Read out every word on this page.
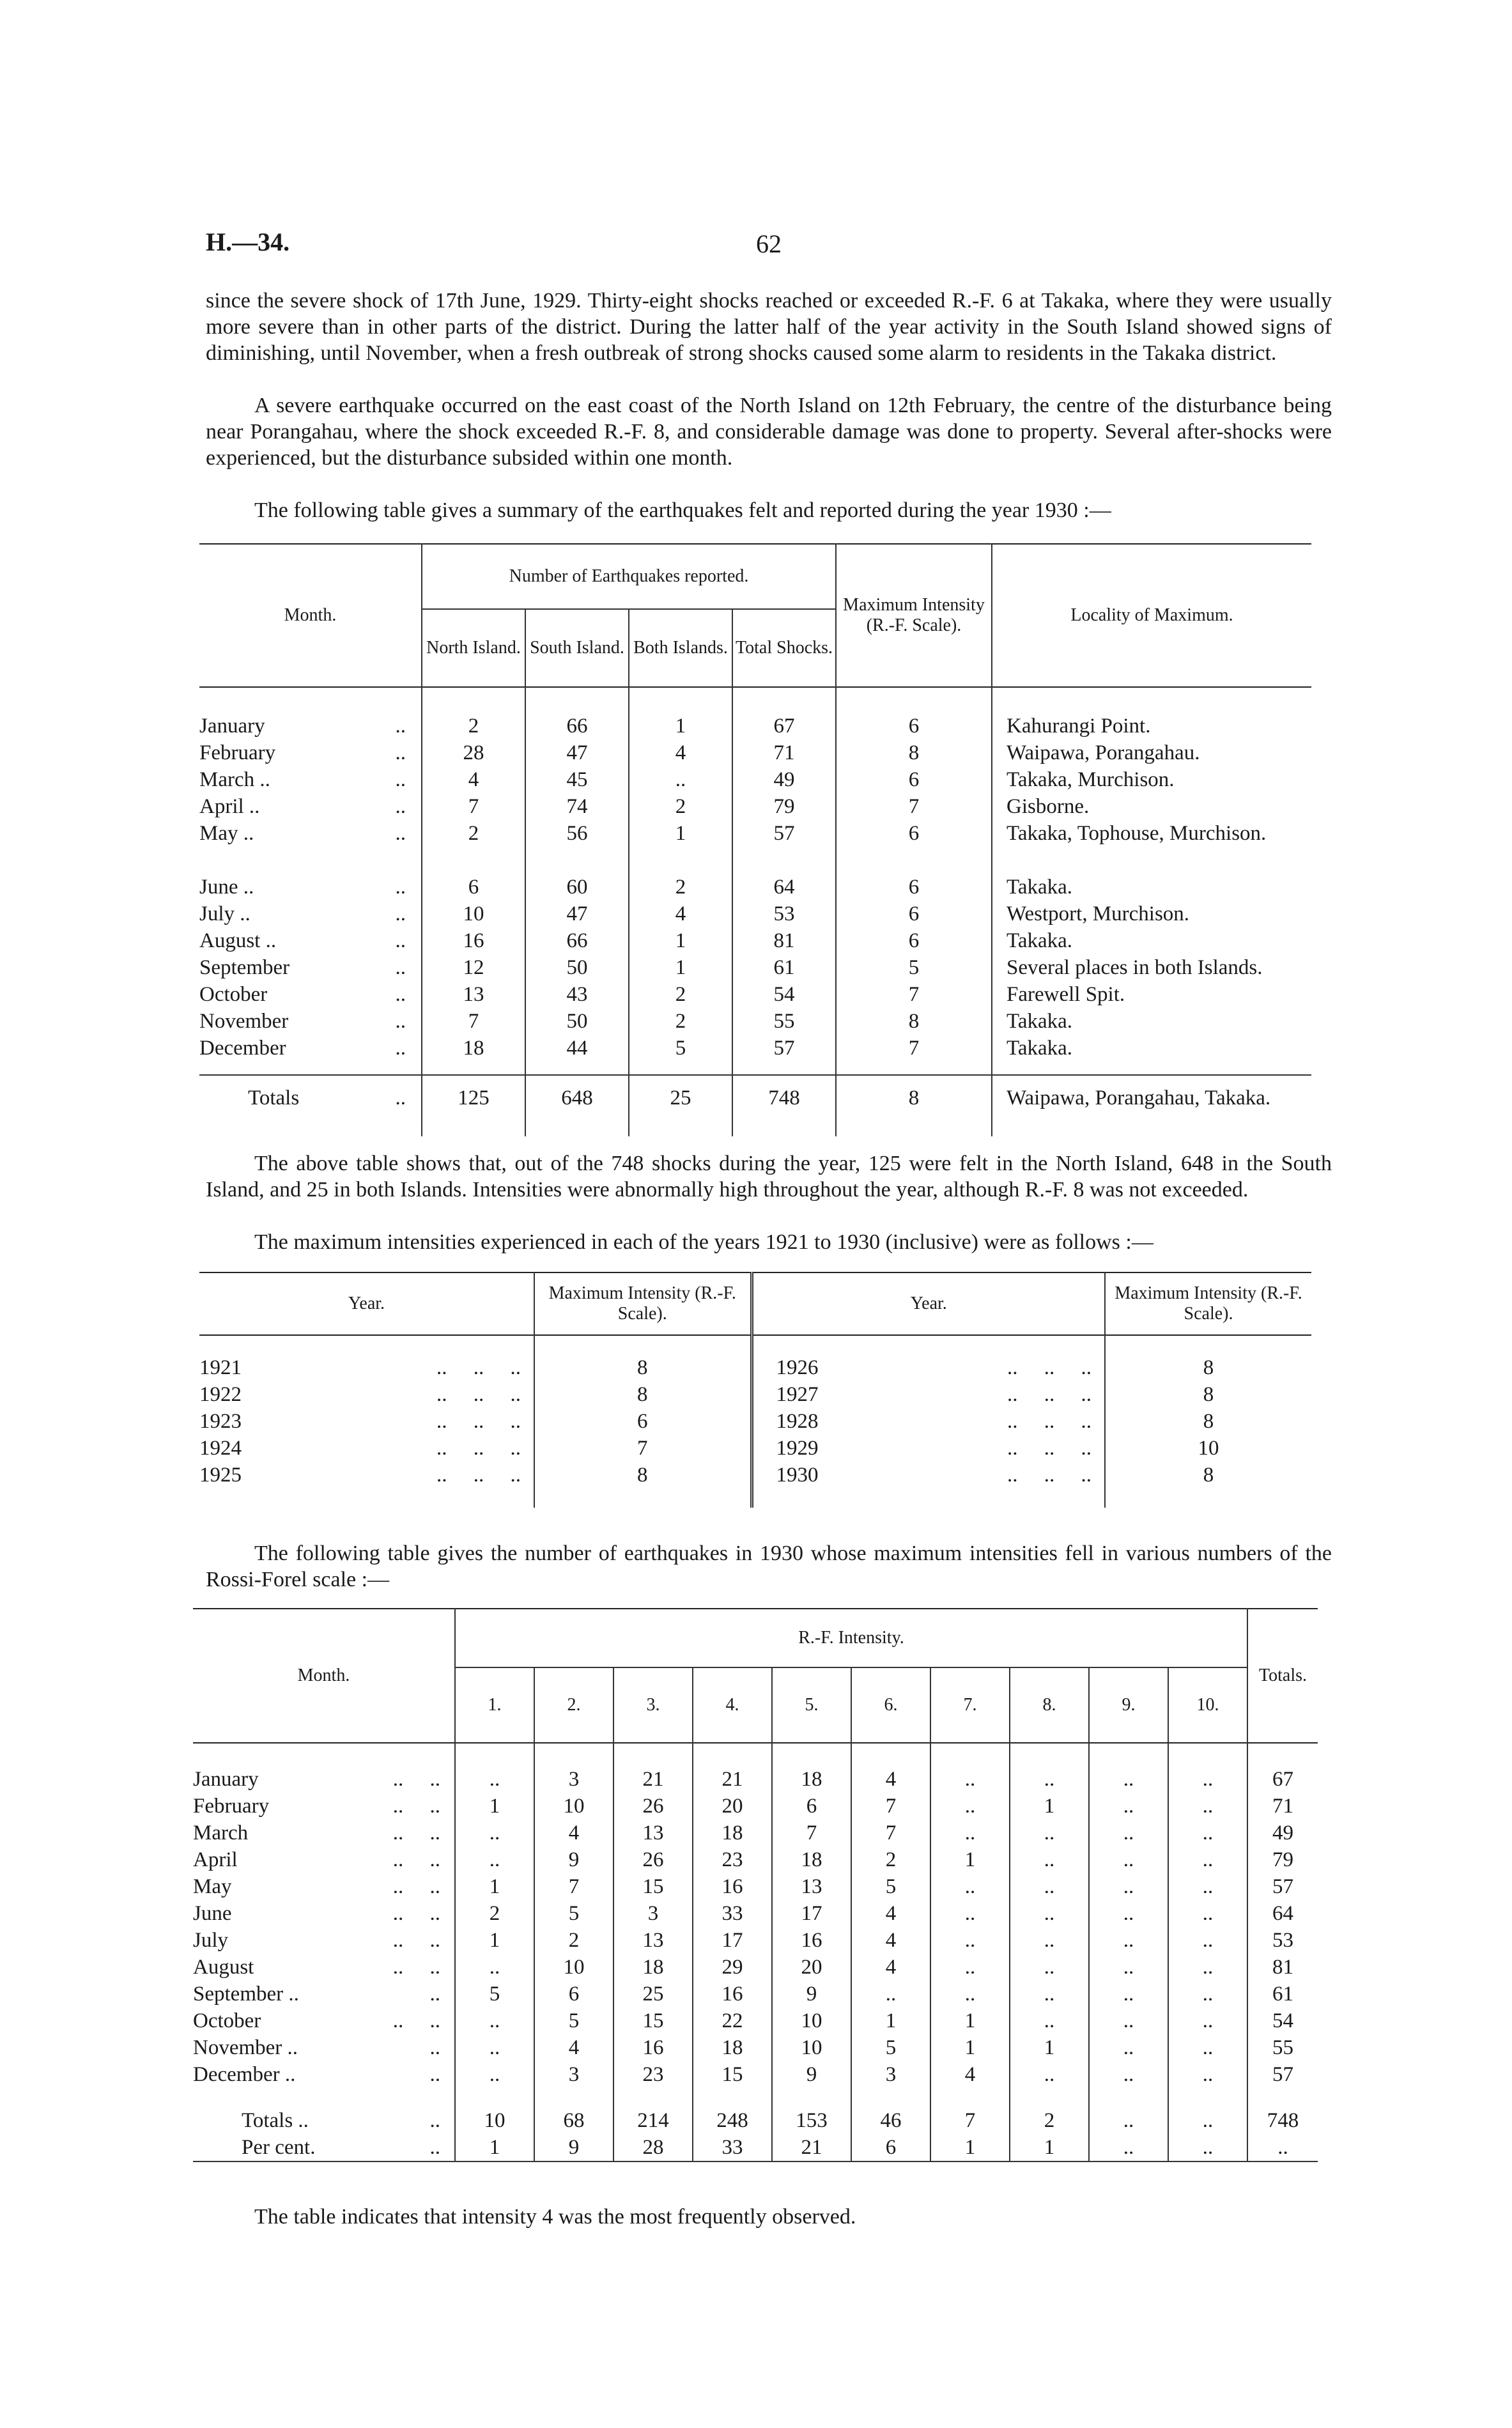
H.—34.	62

since the severe shock of 17th June, 1929. Thirty-eight shocks reached or exceeded R.-F. 6 at Takaka, where they were usually more severe than in other parts of the district. During the latter half of the year activity in the South Island showed signs of diminishing, until November, when a fresh outbreak of strong shocks caused some alarm to residents in the Takaka district.

A severe earthquake occurred on the east coast of the North Island on 12th February, the centre of the disturbance being near Porangahau, where the shock exceeded R.-F. 8, and considerable damage was done to property. Several after-shocks were experienced, but the disturbance subsided within one month.

The following table gives a summary of the earthquakes felt and reported during the year 1930 :—

Month.	Number of Earthquakes reported.				Maximum Intensity (R.-F. Scale).	Locality of Maximum.
	North Island.	South Island.	Both Islands.	Total Shocks.		

January ..	2	66	1	67	6	Kahurangi Point.
February ..	28	47	4	71	8	Waipawa, Porangahau.
March .. ..	4	45	..	49	6	Takaka, Murchison.
April .. ..	7	74	2	79	7	Gisborne.
May .. ..	2	56	1	57	6	Takaka, Tophouse, Murchison.
June .. ..	6	60	2	64	6	Takaka.
July .. ..	10	47	4	53	6	Westport, Murchison.
August .. ..	16	66	1	81	6	Takaka.
September ..	12	50	1	61	5	Several places in both Islands.
October ..	13	43	2	54	7	Farewell Spit.
November ..	7	50	2	55	8	Takaka.
December ..	18	44	5	57	7	Takaka.

Totals ..	125	648	25	748	8	Waipawa, Porangahau, Takaka.

The above table shows that, out of the 748 shocks during the year, 125 were felt in the North Island, 648 in the South Island, and 25 in both Islands. Intensities were abnormally high throughout the year, although R.-F. 8 was not exceeded.

The maximum intensities experienced in each of the years 1921 to 1930 (inclusive) were as follows :—

Year.	Maximum Intensity (R.-F. Scale).	Year.	Maximum Intensity (R.-F. Scale).

1921 ..     ..     ..	8	1926 ..     ..     ..	8
1922 ..     ..     ..	8	1927 ..     ..     ..	8
1923 ..     ..     ..	6	1928 ..     ..     ..	8
1924 ..     ..     ..	7	1929 ..     ..     ..	10
1925 ..     ..     ..	8	1930 ..     ..     ..	8

The following table gives the number of earthquakes in 1930 whose maximum intensities fell in various numbers of the Rossi-Forel scale :—

Month.	R.-F. Intensity.										Totals.
	1.	2.	3.	4.	5.	6.	7.	8.	9.	10.	

January ..     ..	..	3	21	21	18	4	..	..	..	..	67
February ..     ..	1	10	26	20	6	7	..	1	..	..	71
March ..     ..	..	4	13	18	7	7	..	..	..	..	49
April ..     ..	..	9	26	23	18	2	1	..	..	..	79
May ..     ..	1	7	15	16	13	5	..	..	..	..	57
June ..     ..	2	5	3	33	17	4	..	..	..	..	64
July ..     ..	1	2	13	17	16	4	..	..	..	..	53
August ..     ..	..	10	18	29	20	4	..	..	..	..	81
September .. ..	5	6	25	16	9	..	..	..	..	..	61
October ..     ..	..	5	15	22	10	1	1	..	..	..	54
November .. ..	..	4	16	18	10	5	1	1	..	..	55
December .. ..	..	3	23	15	9	3	4	..	..	..	57

Totals .. ..	10	68	214	248	153	46	7	2	..	..	748
Per cent. ..	1	9	28	33	21	6	1	1	..	..	..

The table indicates that intensity 4 was the most frequently observed.
